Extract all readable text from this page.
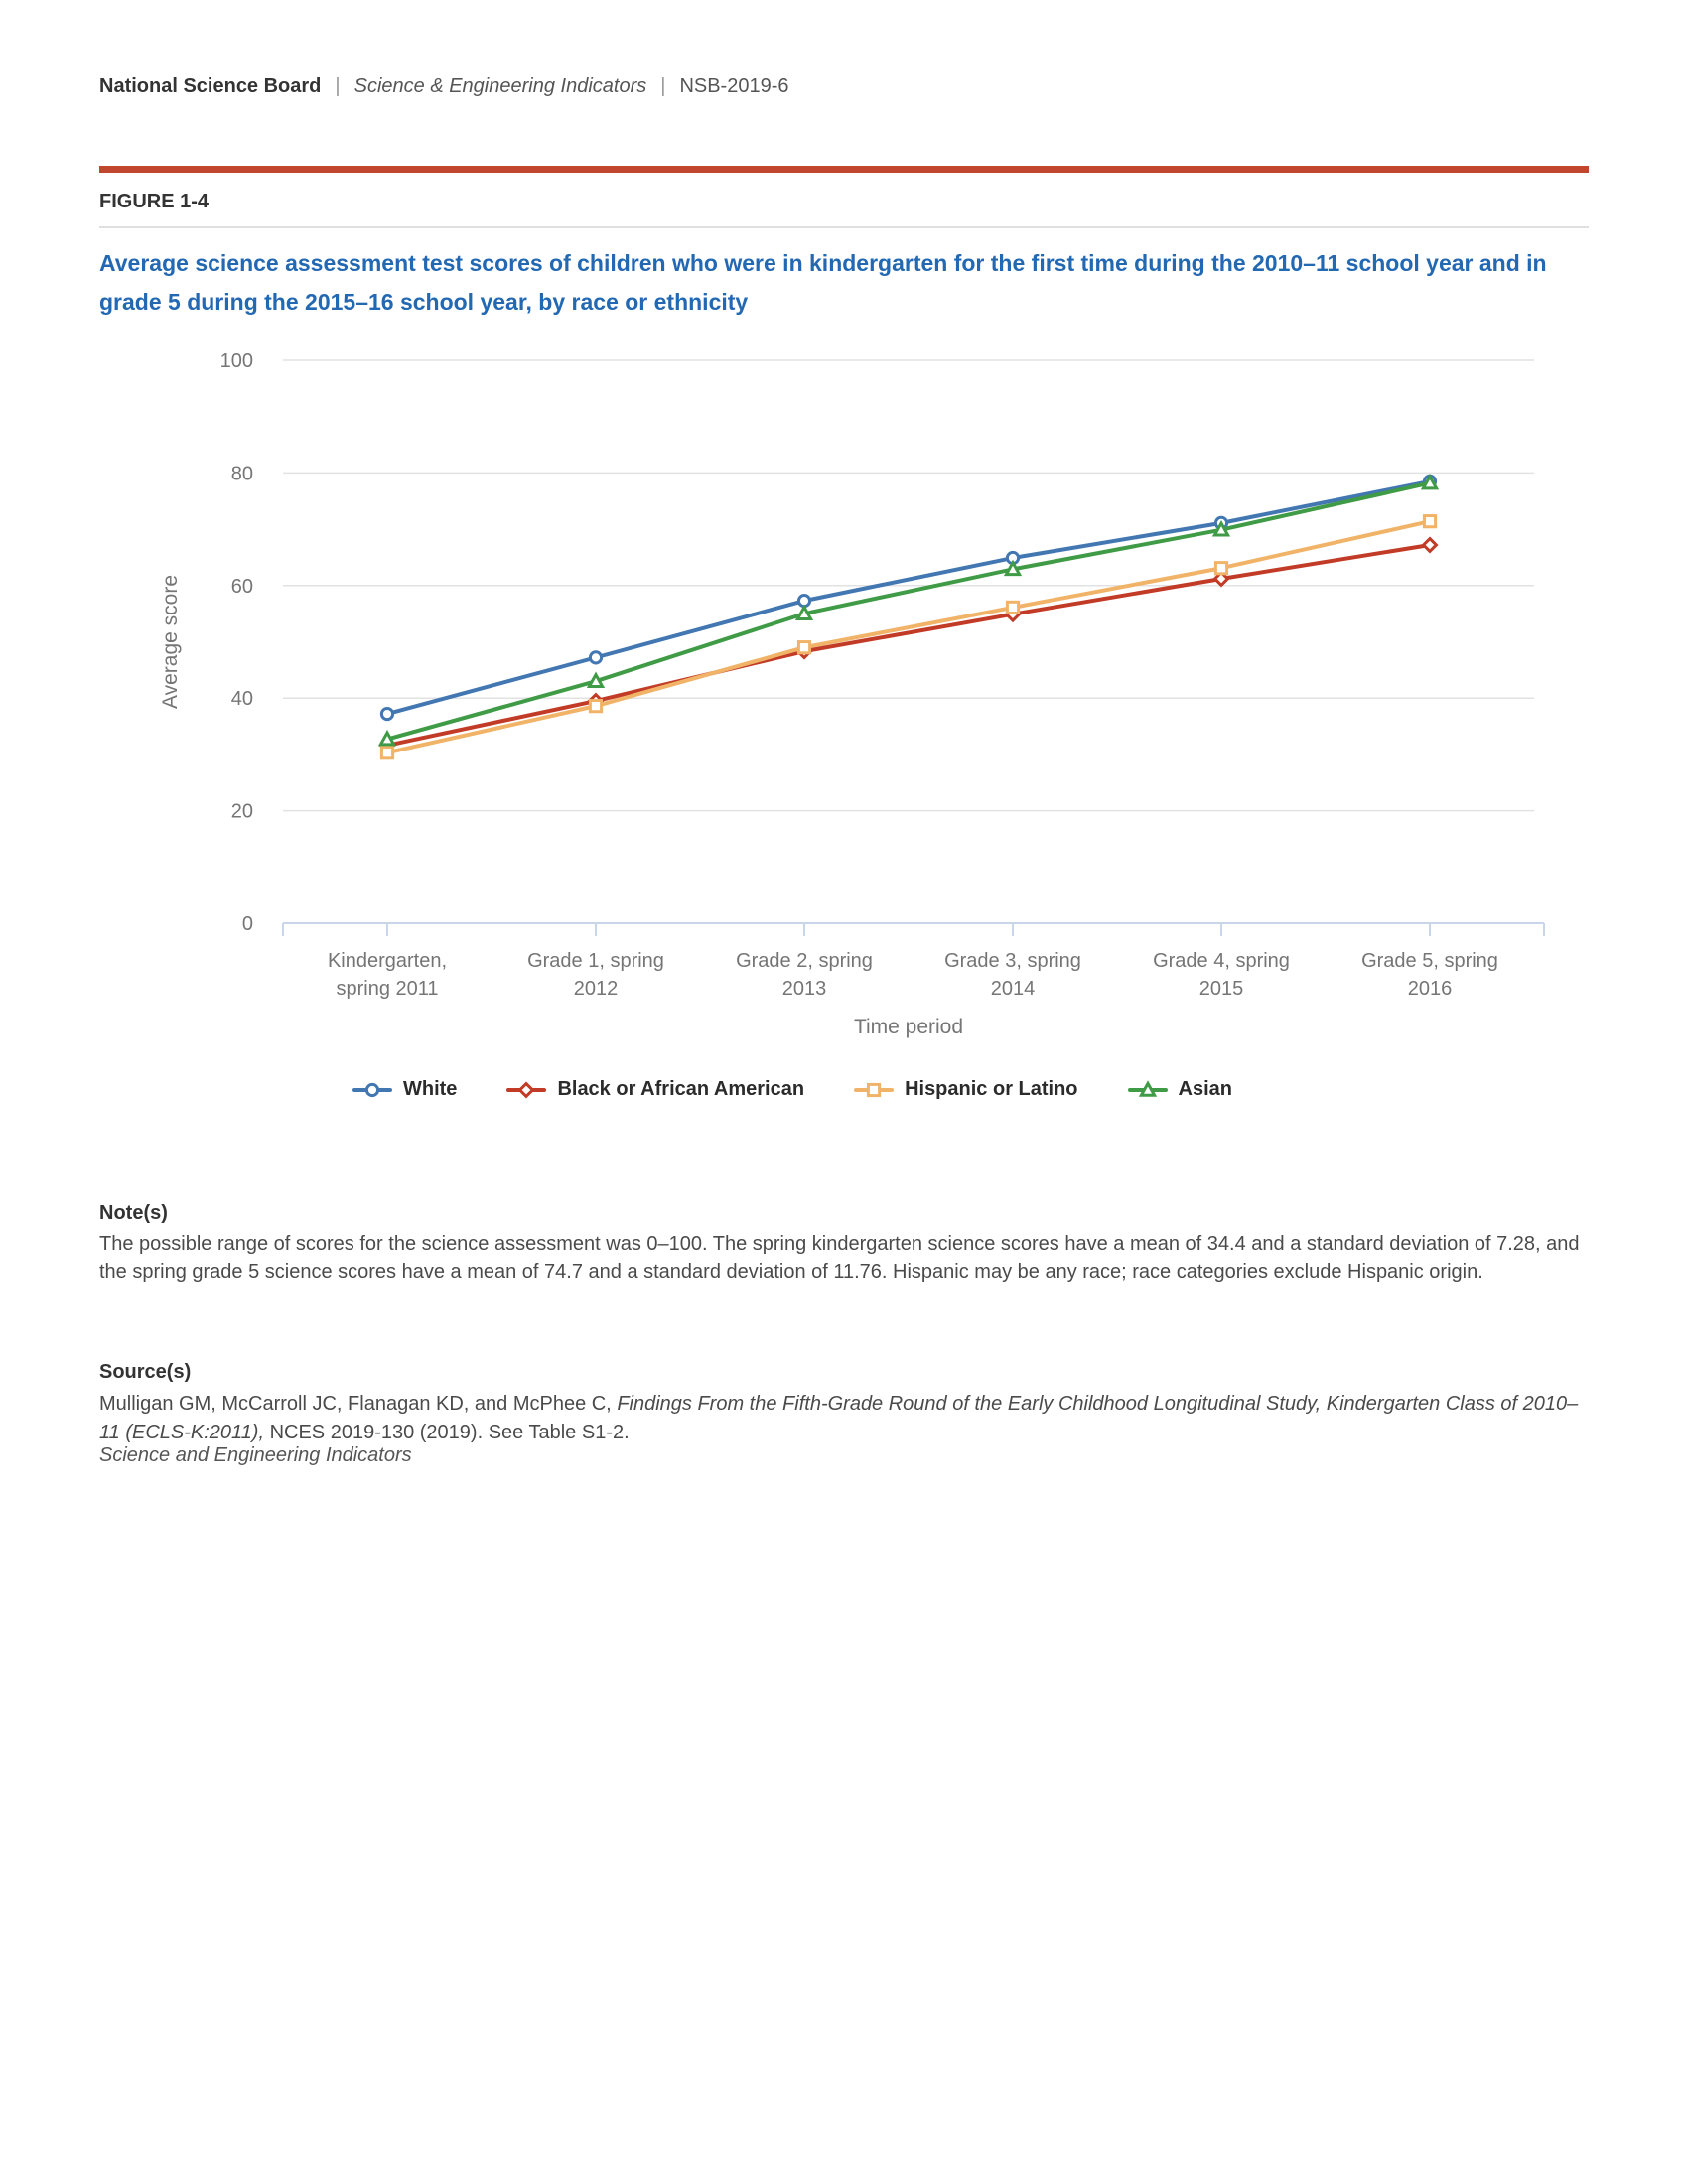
National Science Board | Science & Engineering Indicators | NSB-2019-6
FIGURE 1-4
Average science assessment test scores of children who were in kindergarten for the first time during the 2010–11 school year and in grade 5 during the 2015–16 school year, by race or ethnicity
0
20
40
60
80
100
Average score
Kindergarten,
spring 2011
Grade 1, spring
2012
Grade 2, spring
2013
Grade 3, spring
2014
Grade 4, spring
2015
Grade 5, spring
2016
Time period
White	Black or African American	Hispanic or Latino	Asian
Note(s)
The possible range of scores for the science assessment was 0–100. The spring kindergarten science scores have a mean of 34.4 and a standard deviation of 7.28, and the spring grade 5 science scores have a mean of 74.7 and a standard deviation of 11.76. Hispanic may be any race; race categories exclude Hispanic origin.
Source(s)
Mulligan GM, McCarroll JC, Flanagan KD, and McPhee C, Findings From the Fifth-Grade Round of the Early Childhood Longitudinal Study, Kindergarten Class of 2010–11 (ECLS-K:2011), NCES 2019-130 (2019). See Table S1-2.
Science and Engineering Indicators
